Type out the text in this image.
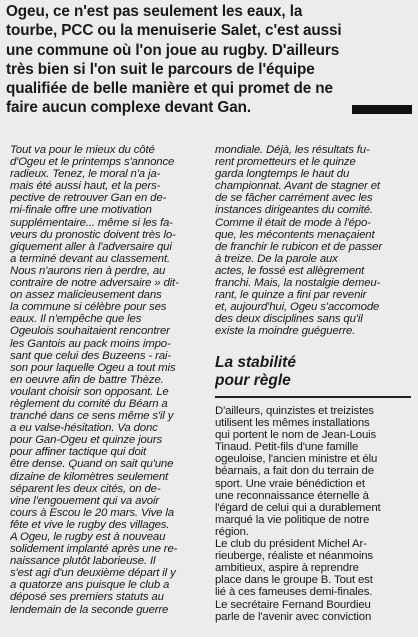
Ogeu, ce n'est pas seulement les eaux, la
tourbe, PCC ou la menuiserie Salet, c'est aussi
une commune où l'on joue au rugby. D'ailleurs
très bien si l'on suit le parcours de l'équipe
qualifiée de belle manière et qui promet de ne
faire aucun complexe devant Gan.
Tout va pour le mieux du côté
d'Ogeu et le printemps s'annonce
radieux. Tenez, le moral n'a ja-
mais été aussi haut, et la pers-
pective de retrouver Gan en de-
mi-finale offre une motivation
supplémentaire... même si les fa-
veurs du pronostic doivent très lo-
giquement aller à l'adversaire qui
a terminé devant au classement.
Nous n'aurons rien à perdre, au
contraire de notre adversaire » dit-
on assez malicieusement dans
la commune si célèbre pour ses
eaux. Il n'empêche que les
Ogeulois souhaitaient rencontrer
les Gantois au pack moins impo-
sant que celui des Buzeens - rai-
son pour laquelle Ogeu a tout mis
en oeuvre afin de battre Thèze.
voulant choisir son opposant. Le
règlement du comité du Béarn a
tranché dans ce sens même s'il y
a eu valse-hésitation. Va donc
pour Gan-Ogeu et quinze jours
pour affiner tactique qui doit
être dense. Quand on sait qu'une
dizaine de kilomètres seulement
séparent les deux cités, on de-
vine l'engouement qui va avoir
cours à Escou le 20 mars. Vive la
fête et vive le rugby des villages.
A Ogeu, le rugby est à nouveau
solidement implanté après une re-
naissance plutôt laborieuse. Il
s'est agi d'un deuxième départ il y
a quatorze ans puisque le club a
déposé ses premiers statuts au
lendemain de la seconde guerre
mondiale. Déjà, les résultats fu-
rent prometteurs et le quinze
garda longtemps le haut du
championnat. Avant de stagner et
de se fâcher carrément avec les
instances dirigeantes du comité.
Comme il était de mode à l'épo-
que, les mécontents menaçaient
de franchir le rubicon et de passer
à treize. De la parole aux
actes, le fossé est allègrement
franchi. Mais, la nostalgie demeu-
rant, le quinze a fini par revenir
et, aujourd'hui, Ogeu s'accomode
des deux disciplines sans qu'il
existe la moindre guéguerre.
La stabilité
pour règle
D'ailleurs, quinzistes et treizistes
utilisent les mêmes installations
qui portent le nom de Jean-Louis
Tinaud. Petit-fils d'une famille
ogeuloise, l'ancien ministre et élu
béarnais, a fait don du terrain de
sport. Une vraie bénédiction et
une reconnaissance éternelle à
l'égard de celui qui a durablement
marqué la vie politique de notre
région.
Le club du président Michel Ar-
rieuberge, réaliste et néanmoins
ambitieux, aspire à reprendre
place dans le groupe B. Tout est
lié à ces fameuses demi-finales.
Le secrétaire Fernand Bourdieu
parle de l'avenir avec conviction
